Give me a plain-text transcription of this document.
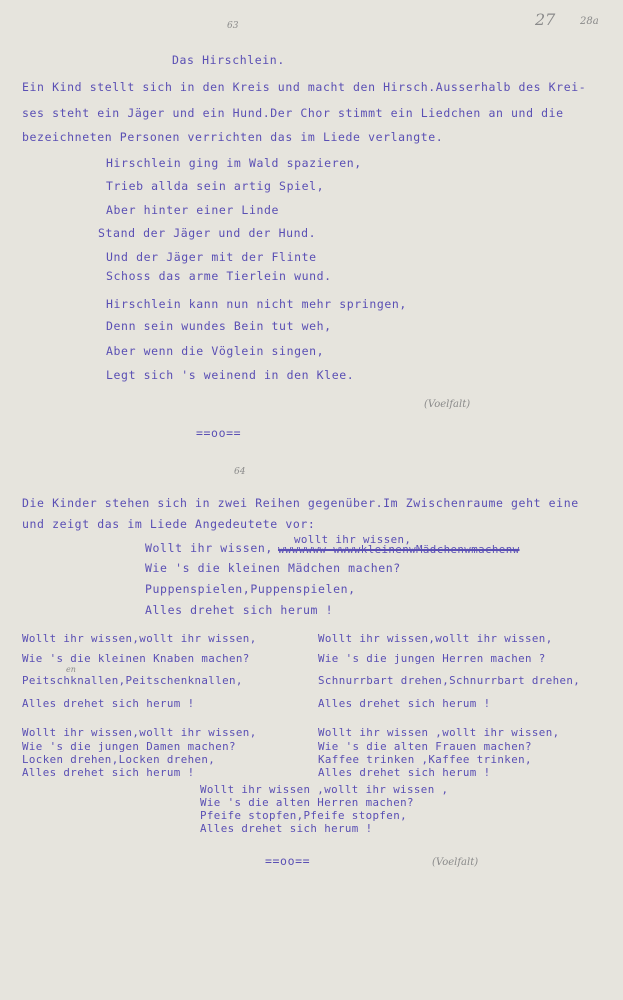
63	27 28a
Das Hirschlein.
Ein Kind stellt sich in den Kreis und macht den Hirsch.Ausserhalb des Krei-
ses steht ein Jäger und ein Hund.Der Chor stimmt ein Liedchen an und die
bezeichneten Personen verrichten das im Liede verlangte.
Hirschlein ging im Wald spazieren,
Trieb allda sein artig Spiel,
Aber hinter einer Linde
Stand der Jäger und der Hund.
Und der Jäger mit der Flinte
Schoss das arme Tierlein wund.
Hirschlein kann nun nicht mehr springen,
Denn sein wundes Bein tut weh,
Aber wenn die Vöglein singen,
Legt sich 's weinend in den Klee.
(Voelfalt)
==oo==
64
Die Kinder stehen sich in zwei Reihen gegenüber.Im Zwischenraume geht eine
und zeigt das im Liede Angedeutete vor:
wollt ihr wissen,
Wollt ihr wissen, wwwwwww wwwwkleinenwMädchenwmachenw
Wie 's die kleinen Mädchen machen?
Puppenspielen,Puppenspielen,
Alles drehet sich herum !
Wollt ihr wissen,wollt ihr wissen,
Wie 's die kleinen Knaben machen?
en
Peitschknallen,Peitschenknallen,
Alles drehet sich herum !
Wollt ihr wissen,wollt ihr wissen,
Wie 's die jungen Damen machen?
Locken drehen,Locken drehen,
Alles drehet sich herum !
Wollt ihr wissen,wollt ihr wissen,
Wie 's die jungen Herren machen ?
Schnurrbart drehen,Schnurrbart drehen,
Alles drehet sich herum !
Wollt ihr wissen ,wollt ihr wissen,
Wie 's die alten Frauen machen?
Kaffee trinken ,Kaffee trinken,
Alles drehet sich herum !
Wollt ihr wissen ,wollt ihr wissen ,
Wie 's die alten Herren machen?
Pfeife stopfen,Pfeife stopfen,
Alles drehet sich herum !
==oo==	(Voelfalt)
